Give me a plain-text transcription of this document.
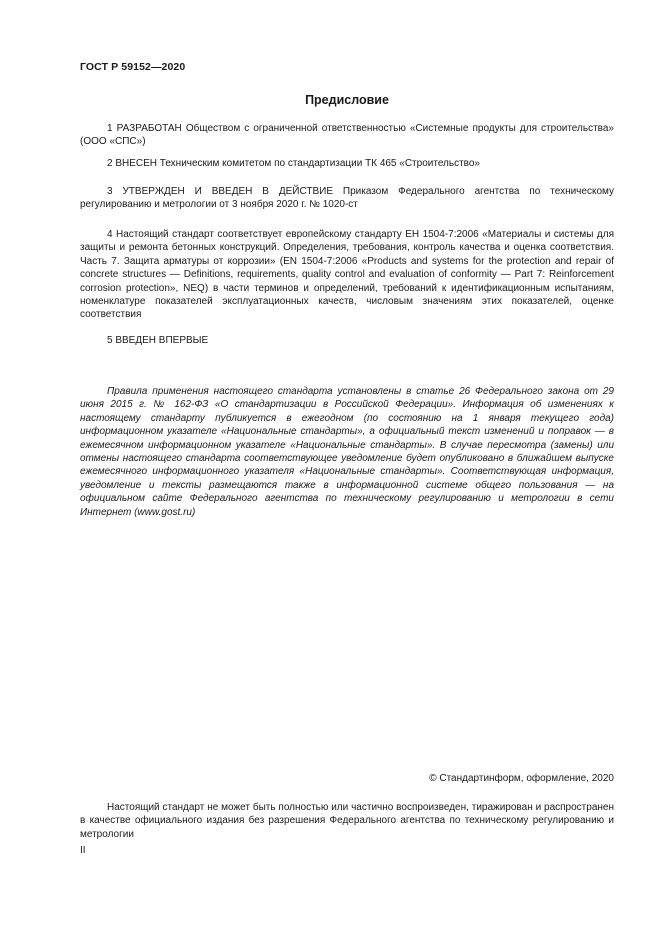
ГОСТ Р 59152—2020
Предисловие

1 РАЗРАБОТАН Обществом с ограниченной ответственностью «Системные продукты для строительства» (ООО «СПС»)

2 ВНЕСЕН Техническим комитетом по стандартизации ТК 465 «Строительство»

3 УТВЕРЖДЕН И ВВЕДЕН В ДЕЙСТВИЕ Приказом Федерального агентства по техническому регулированию и метрологии от 3 ноября 2020 г. № 1020-ст

4 Настоящий стандарт соответствует европейскому стандарту ЕН 1504-7:2006 «Материалы и системы для защиты и ремонта бетонных конструкций. Определения, требования, контроль качества и оценка соответствия. Часть 7. Защита арматуры от коррозии» (EN 1504-7:2006 «Products and systems for the protection and repair of concrete structures — Definitions, requirements, quality control and evaluation of conformity — Part 7: Reinforcement corrosion protection», NEQ) в части терминов и определений, требований к идентификационным испытаниям, номенклатуре показателей эксплуатационных качеств, числовым значениям этих показателей, оценке соответствия

5 ВВЕДЕН ВПЕРВЫЕ

Правила применения настоящего стандарта установлены в статье 26 Федерального закона от 29 июня 2015 г. № 162-ФЗ «О стандартизации в Российской Федерации». Информация об изменениях к настоящему стандарту публикуется в ежегодном (по состоянию на 1 января текущего года) информационном указателе «Национальные стандарты», а официальный текст изменений и поправок — в ежемесячном информационном указателе «Национальные стандарты». В случае пересмотра (замены) или отмены настоящего стандарта соответствующее уведомление будет опубликовано в ближайшем выпуске ежемесячного информационного указателя «Национальные стандарты». Соответствующая информация, уведомление и тексты размещаются также в информационной системе общего пользования — на официальном сайте Федерального агентства по техническому регулированию и метрологии в сети Интернет (www.gost.ru)

© Стандартинформ, оформление, 2020

Настоящий стандарт не может быть полностью или частично воспроизведен, тиражирован и распространен в качестве официального издания без разрешения Федерального агентства по техническому регулированию и метрологии

II
